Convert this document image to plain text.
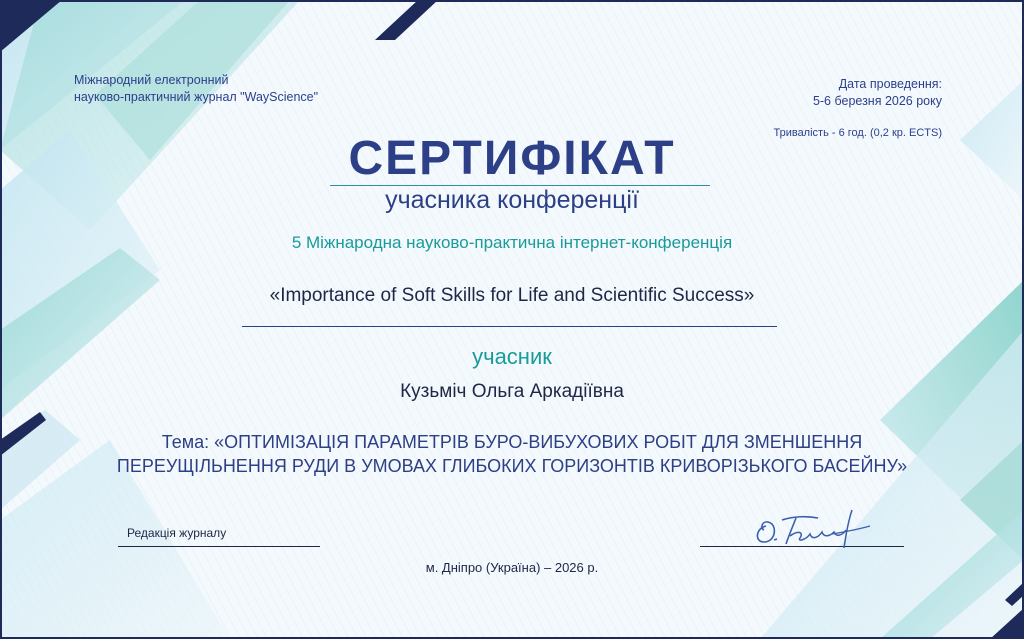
Міжнародний електронний
науково-практичний журнал "WayScience"
Дата проведення:
5-6 березня 2026 року
Тривалість - 6 год. (0,2 кр. ECTS)
СЕРТИФІКАТ
учасника конференції
5 Міжнародна науково-практична інтернет-конференція
«Importance of Soft Skills for Life and Scientific Success»
учасник
Кузьміч Ольга Аркадіївна
Тема: «ОПТИМІЗАЦІЯ ПАРАМЕТРІВ БУРО-ВИБУХОВИХ РОБІТ ДЛЯ ЗМЕНШЕННЯ ПЕРЕУЩІЛЬНЕННЯ РУДИ В УМОВАХ ГЛИБОКИХ ГОРИЗОНТІВ КРИВОРІЗЬКОГО БАСЕЙНУ»
Редакція журналу
м. Дніпро (Україна) – 2026 р.
